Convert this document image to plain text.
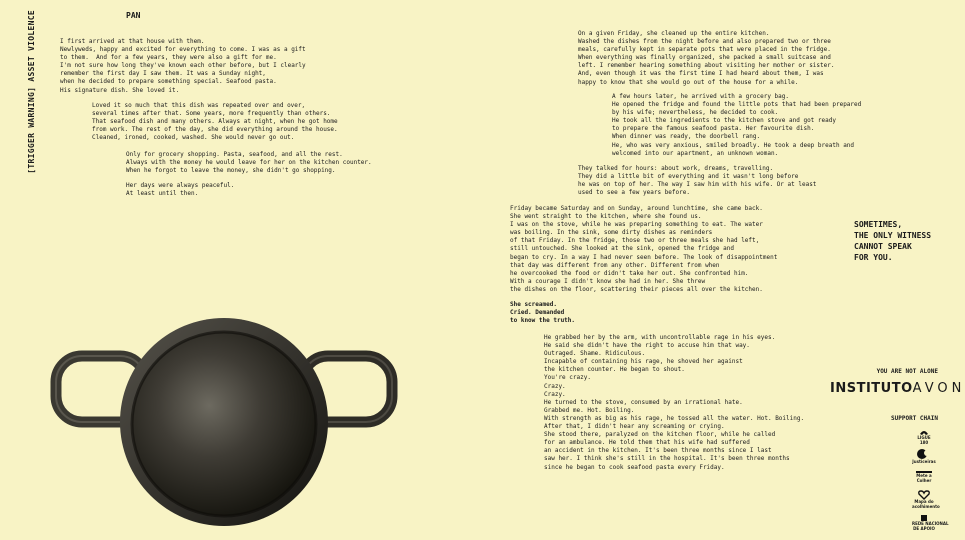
[TRIGGER WARNING] ASSET VIOLENCE	PAN

I first arrived at that house with them.
Newlyweds, happy and excited for everything to come. I was as a gift
to them.  And for a few years, they were also a gift for me.
I'm not sure how long they've known each other before, but I clearly
remember the first day I saw them. It was a Sunday night,
when he decided to prepare something special. Seafood pasta.
His signature dish. She loved it.

Loved it so much that this dish was repeated over and over,
several times after that. Some years, more frequently than others.
That seafood dish and many others. Always at night, when he got home
from work. The rest of the day, she did everything around the house.
Cleaned, ironed, cooked, washed. She would never go out.

Only for grocery shopping. Pasta, seafood, and all the rest.
Always with the money he would leave for her on the kitchen counter.
When he forgot to leave the money, she didn't go shopping.

Her days were always peaceful.
At least until then.

On a given Friday, she cleaned up the entire kitchen.
Washed the dishes from the night before and also prepared two or three
meals, carefully kept in separate pots that were placed in the fridge.
When everything was finally organized, she packed a small suitcase and
left. I remember hearing something about visiting her mother or sister.
And, even though it was the first time I had heard about them, I was
happy to know that she would go out of the house for a while.

A few hours later, he arrived with a grocery bag.
He opened the fridge and found the little pots that had been prepared
by his wife; nevertheless, he decided to cook.
He took all the ingredients to the kitchen stove and got ready
to prepare the famous seafood pasta. Her favourite dish.
When dinner was ready, the doorbell rang.
He, who was very anxious, smiled broadly. He took a deep breath and
welcomed into our apartment, an unknown woman.

They talked for hours: about work, dreams, travelling.
They did a little bit of everything and it wasn't long before
he was on top of her. The way I saw him with his wife. Or at least
used to see a few years before.

Friday became Saturday and on Sunday, around lunchtime, she came back.
She went straight to the kitchen, where she found us.
I was on the stove, while he was preparing something to eat. The water
was boiling. In the sink, some dirty dishes as reminders
of that Friday. In the fridge, those two or three meals she had left,
still untouched. She looked at the sink, opened the fridge and
began to cry. In a way I had never seen before. The look of disappointment
that day was different from any other. Different from when
he overcooked the food or didn't take her out. She confronted him.
With a courage I didn't know she had in her. She threw
the dishes on the floor, scattering their pieces all over the kitchen.

She screamed.
Cried. Demanded
to know the truth.

He grabbed her by the arm, with uncontrollable rage in his eyes.
He said she didn't have the right to accuse him that way.
Outraged. Shame. Ridiculous.
Incapable of containing his rage, he shoved her against
the kitchen counter. He began to shout.
You're crazy.
Crazy.
Crazy.
He turned to the stove, consumed by an irrational hate.
Grabbed me. Hot. Boiling.
With strength as big as his rage, he tossed all the water. Hot. Boiling.
After that, I didn't hear any screaming or crying.
She stood there, paralyzed on the kitchen floor, while he called
for an ambulance. He told them that his wife had suffered
an accident in the kitchen. It's been three months since I last
saw her. I think she's still in the hospital. It's been three months
since he began to cook seafood pasta every Friday.

SOMETIMES,
THE ONLY WITNESS
CANNOT SPEAK
FOR YOU.
YOU ARE NOT ALONE
INSTITUTO AVON
SUPPORT CHAIN
LIGUE
180
Justiceiras
Mete a
Colher
Mapa do
acolhimento
REDE NACIONAL
DE APOIO
